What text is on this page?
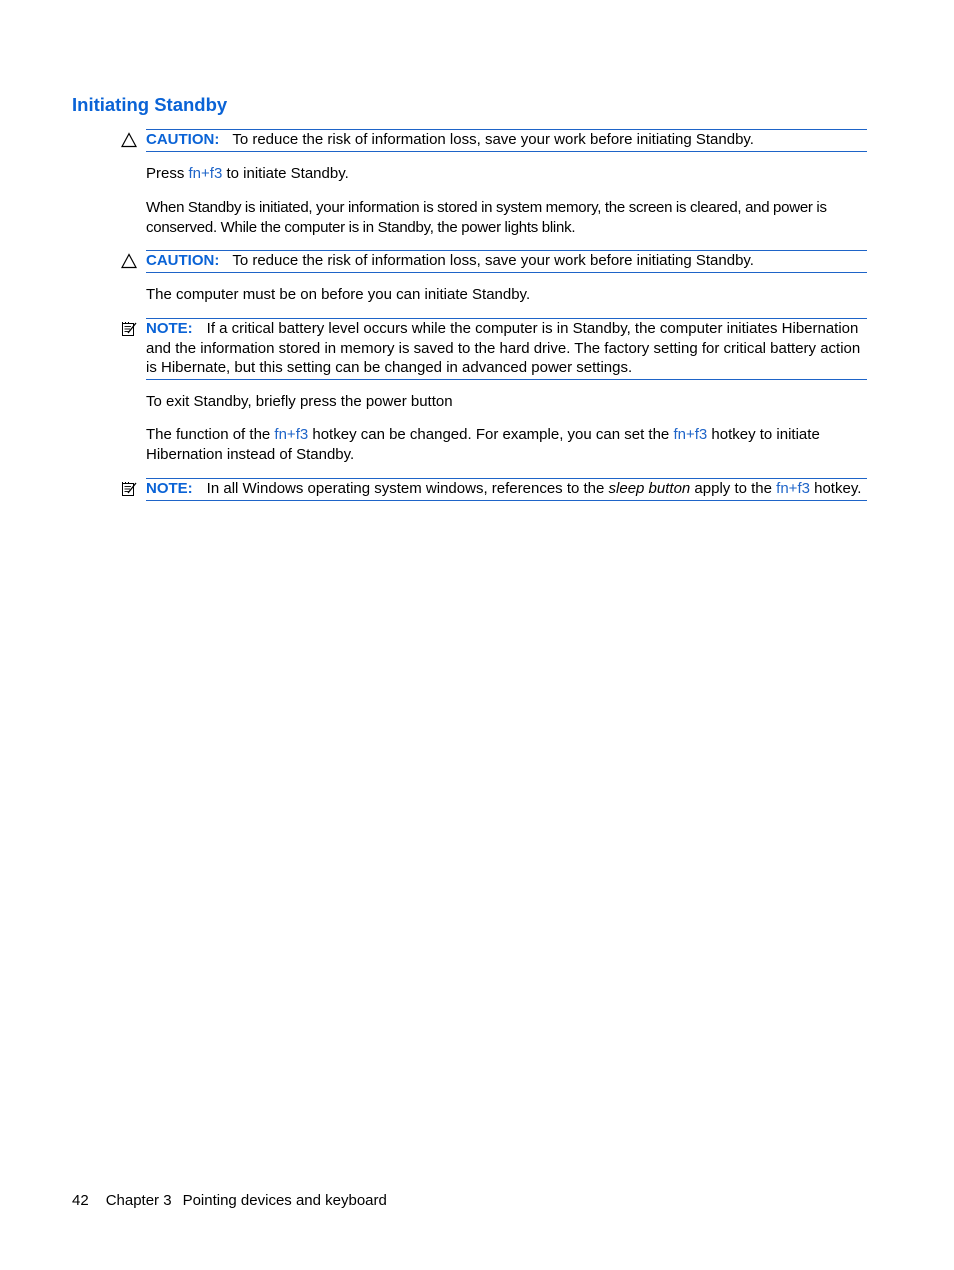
Initiating Standby
CAUTION: To reduce the risk of information loss, save your work before initiating Standby.
Press fn+f3 to initiate Standby.
When Standby is initiated, your information is stored in system memory, the screen is cleared, and power is conserved. While the computer is in Standby, the power lights blink.
CAUTION: To reduce the risk of information loss, save your work before initiating Standby.
The computer must be on before you can initiate Standby.
NOTE: If a critical battery level occurs while the computer is in Standby, the computer initiates Hibernation and the information stored in memory is saved to the hard drive. The factory setting for critical battery action is Hibernate, but this setting can be changed in advanced power settings.
To exit Standby, briefly press the power button
The function of the fn+f3 hotkey can be changed. For example, you can set the fn+f3 hotkey to initiate Hibernation instead of Standby.
NOTE: In all Windows operating system windows, references to the sleep button apply to the fn+f3 hotkey.
42 Chapter 3 Pointing devices and keyboard
